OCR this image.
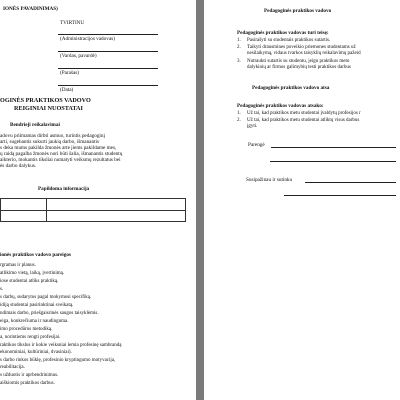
IONĖS PAVADINIMAS)
TVIRTINU
(Administracijos vadovas)
(Vardas, pavardė)
(Parašas)
(Data)
OGINĖS PRAKTIKOS VADOVO
REIGINIAI NUOSTATAI
Bendrieji reikalavimai
adovu priimamas dirbti asmuo, turintis pedagoginį
arti, sugebantis sukurti jaukią darbo, išmanantis
s deka mums pakilda žmonės arte jiems pakildame mes,
ų raidą pagalba žmonės nori būti šalia, išmanantis studentų
aikterio, mokantis tiksliai numatyti veiksmų rezultatus bei
ės darbo dalykus.
Papildoma informacija

ionės praktikos vadovo pareigos
rgramas ir planus.
atlikimo vietą, laiką, įvertinimą.
iose studentai atliks praktiką.
s.
s darbų, sudarytos pagal mokymosi specifiką.
idiją studentai pasirinktinai sveikatą.
ndimais darbo, priešgaisrinės saugos taisyklėmis.
eiga, konkrečiuma ir naudinguma.
imo procedūros metodiką.
a, norintiems rengti profesijai.
raktikos tikslus ir kokie veiksniai lemia profesinę sambrandą
ekonominiai, kultūriniai, dvasiniai).
s darbo rinkos būklę, profesinio kryptingumo motyvacija,
reabilitacija.
s užduotis ir aprbendrinimus.
aiškiomis praktikos darbus.
Pedagoginės praktikos vadovo
Pedagoginės praktikos vadovas turi teisę:
1. Pasirašyti su studentais praktikos sutartis.
2. Taikyti drausmines poveikio priemones studentams už
nesilaikymą, vidaus tvarkos taisyklių reikalavimų pažeid
3. Nutraukti sutartis su studentu, jeigu praktikos meto
dalykinių ar firmos galimybių testi praktikos darbus
Pedagoginės praktikos vadovo atsa
Pedagoginės praktikos vadovas atsako:
1. Už tai, kad praktikos metu studentai įvaldytų profesijos r
2. Už tai, kad praktikos metu studentai atliktų visus darbus
įgyti.
Parengė
Susipažinau ir sutinku
